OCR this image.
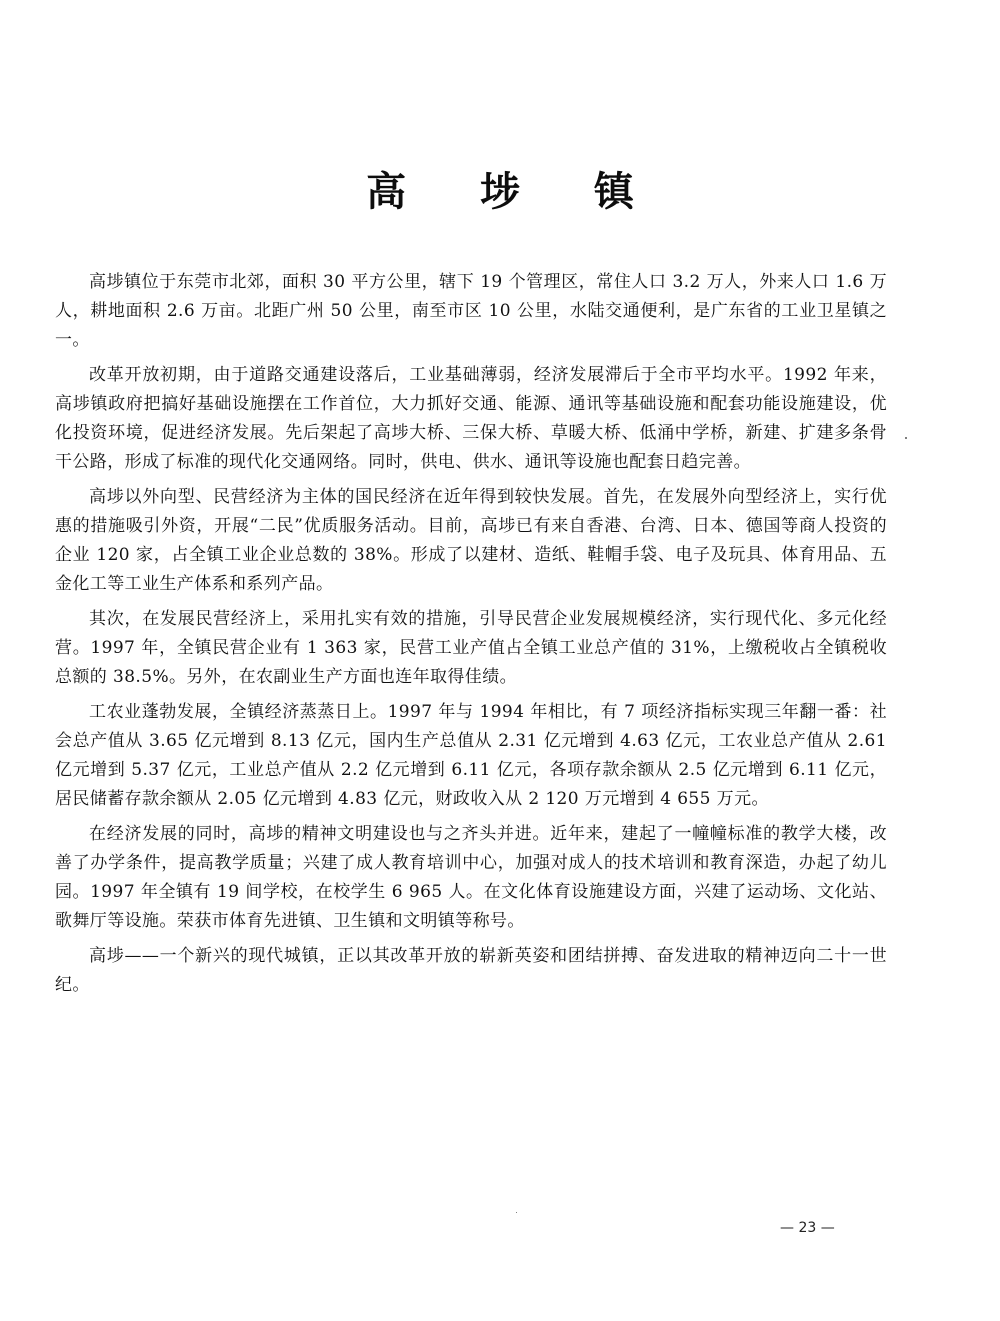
高 埗 镇

高埗镇位于东莞市北郊，面积 30 平方公里，辖下 19 个管理区，常住人口 3.2 万人，外来人口 1.6 万人，耕地面积 2.6 万亩。北距广州 50 公里，南至市区 10 公里，水陆交通便利，是广东省的工业卫星镇之一。

改革开放初期，由于道路交通建设落后，工业基础薄弱，经济发展滞后于全市平均水平。1992 年来，高埗镇政府把搞好基础设施摆在工作首位，大力抓好交通、能源、通讯等基础设施和配套功能设施建设，优化投资环境，促进经济发展。先后架起了高埗大桥、三保大桥、草暖大桥、低涌中学桥，新建、扩建多条骨干公路，形成了标准的现代化交通网络。同时，供电、供水、通讯等设施也配套日趋完善。

高埗以外向型、民营经济为主体的国民经济在近年得到较快发展。首先，在发展外向型经济上，实行优惠的措施吸引外资，开展“二民”优质服务活动。目前，高埗已有来自香港、台湾、日本、德国等商人投资的企业 120 家，占全镇工业企业总数的 38%。形成了以建材、造纸、鞋帽手袋、电子及玩具、体育用品、五金化工等工业生产体系和系列产品。

其次，在发展民营经济上，采用扎实有效的措施，引导民营企业发展规模经济，实行现代化、多元化经营。1997 年，全镇民营企业有 1 363 家，民营工业产值占全镇工业总产值的 31%，上缴税收占全镇税收总额的 38.5%。另外，在农副业生产方面也连年取得佳绩。

工农业蓬勃发展，全镇经济蒸蒸日上。1997 年与 1994 年相比，有 7 项经济指标实现三年翻一番：社会总产值从 3.65 亿元增到 8.13 亿元，国内生产总值从 2.31 亿元增到 4.63 亿元，工农业总产值从 2.61 亿元增到 5.37 亿元，工业总产值从 2.2 亿元增到 6.11 亿元，各项存款余额从 2.5 亿元增到 6.11 亿元，居民储蓄存款余额从 2.05 亿元增到 4.83 亿元，财政收入从 2 120 万元增到 4 655 万元。

在经济发展的同时，高埗的精神文明建设也与之齐头并进。近年来，建起了一幢幢标准的教学大楼，改善了办学条件，提高教学质量；兴建了成人教育培训中心，加强对成人的技术培训和教育深造，办起了幼儿园。1997 年全镇有 19 间学校，在校学生 6 965 人。在文化体育设施建设方面，兴建了运动场、文化站、歌舞厅等设施。荣获市体育先进镇、卫生镇和文明镇等称号。

高埗——一个新兴的现代城镇，正以其改革开放的崭新英姿和团结拼搏、奋发进取的精神迈向二十一世纪。

— 23 —
